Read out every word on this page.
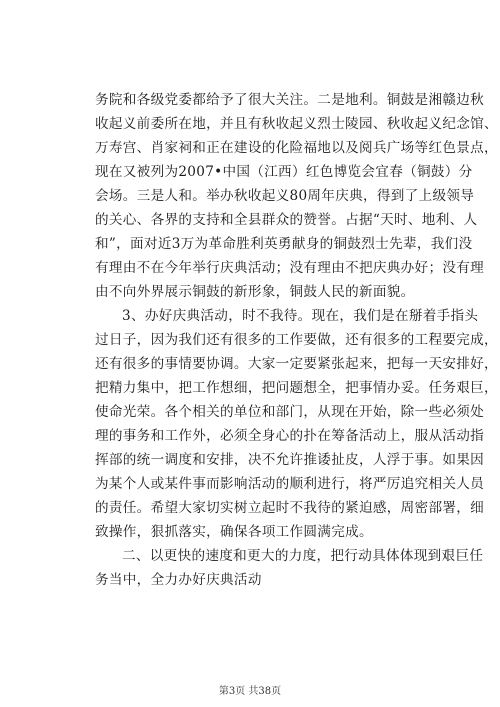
务院和各级党委都给予了很大关注。二是地利。铜鼓是湘赣边秋
收起义前委所在地，并且有秋收起义烈士陵园、秋收起义纪念馆、
万寿宫、肖家祠和正在建设的化险福地以及阅兵广场等红色景点，
现在又被列为2007•中国（江西）红色博览会宜春（铜鼓）分
会场。三是人和。举办秋收起义80周年庆典，得到了上级领导
的关心、各界的支持和全县群众的赞誉。占据“天时、地利、人
和”，面对近3万为革命胜利英勇献身的铜鼓烈士先辈，我们没
有理由不在今年举行庆典活动；没有理由不把庆典办好；没有理
由不向外界展示铜鼓的新形象，铜鼓人民的新面貌。
3、办好庆典活动，时不我待。现在，我们是在掰着手指头
过日子，因为我们还有很多的工作要做，还有很多的工程要完成，
还有很多的事情要协调。大家一定要紧张起来，把每一天安排好，
把精力集中，把工作想细，把问题想全，把事情办妥。任务艰巨，
使命光荣。各个相关的单位和部门，从现在开始，除一些必须处
理的事务和工作外，必须全身心的扑在筹备活动上，服从活动指
挥部的统一调度和安排，决不允许推诿扯皮，人浮于事。如果因
为某个人或某件事而影响活动的顺利进行，将严厉追究相关人员
的责任。希望大家切实树立起时不我待的紧迫感，周密部署，细
致操作，狠抓落实，确保各项工作圆满完成。
二、以更快的速度和更大的力度，把行动具体体现到艰巨任
务当中，全力办好庆典活动
第3页 共38页
